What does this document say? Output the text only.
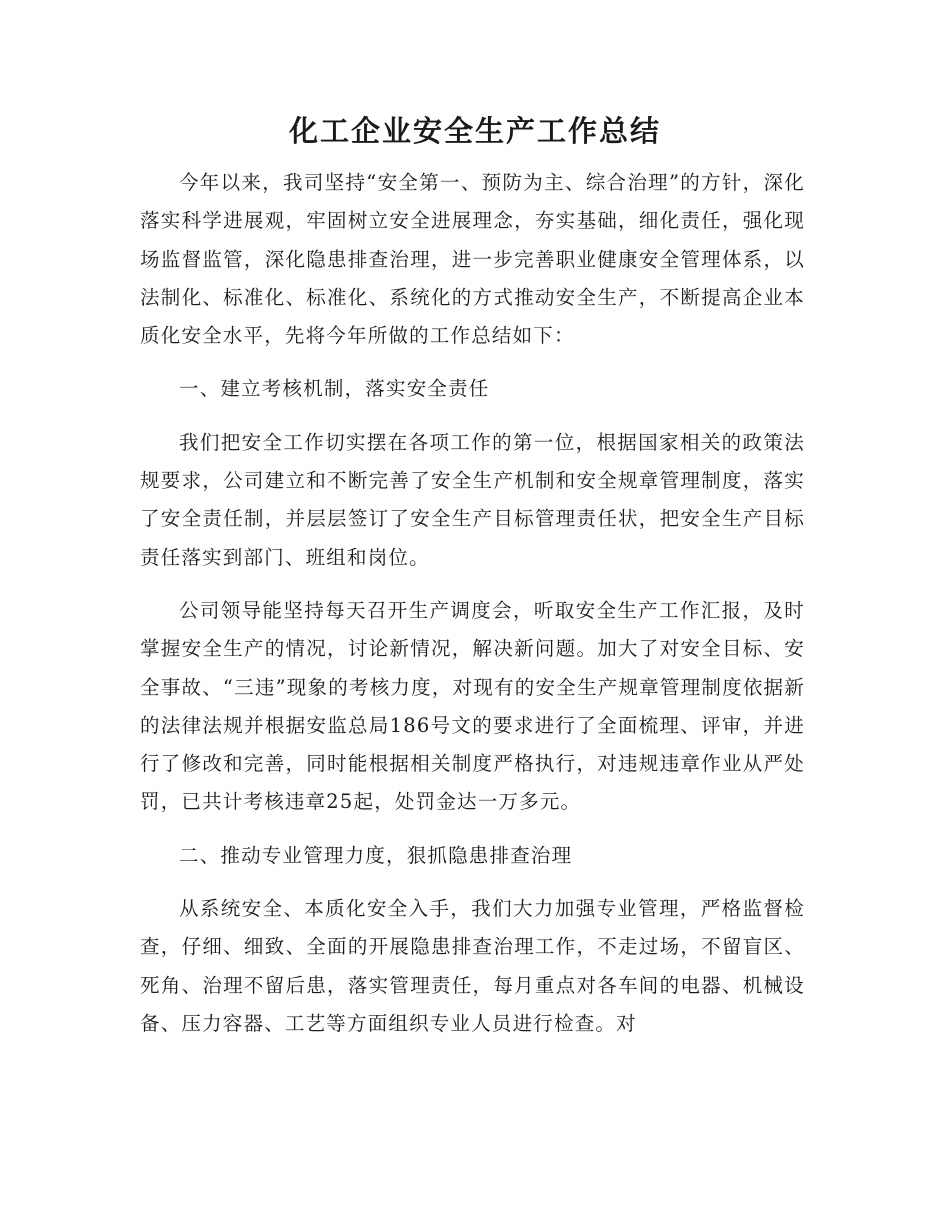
化工企业安全生产工作总结

今年以来，我司坚持“安全第一、预防为主、综合治理”的方针，深化落实科学进展观，牢固树立安全进展理念，夯实基础，细化责任，强化现场监督监管，深化隐患排查治理，进一步完善职业健康安全管理体系，以法制化、标准化、标准化、系统化的方式推动安全生产，不断提高企业本质化安全水平，先将今年所做的工作总结如下：

一、建立考核机制，落实安全责任

我们把安全工作切实摆在各项工作的第一位，根据国家相关的政策法规要求，公司建立和不断完善了安全生产机制和安全规章管理制度，落实了安全责任制，并层层签订了安全生产目标管理责任状，把安全生产目标责任落实到部门、班组和岗位。

公司领导能坚持每天召开生产调度会，听取安全生产工作汇报，及时掌握安全生产的情况，讨论新情况，解决新问题。加大了对安全目标、安全事故、“三违”现象的考核力度，对现有的安全生产规章管理制度依据新的法律法规并根据安监总局186号文的要求进行了全面梳理、评审，并进行了修改和完善，同时能根据相关制度严格执行，对违规违章作业从严处罚，已共计考核违章25起，处罚金达一万多元。

二、推动专业管理力度，狠抓隐患排查治理

从系统安全、本质化安全入手，我们大力加强专业管理，严格监督检查，仔细、细致、全面的开展隐患排查治理工作，不走过场，不留盲区、死角、治理不留后患，落实管理责任，每月重点对各车间的电器、机械设备、压力容器、工艺等方面组织专业人员进行检查。对
